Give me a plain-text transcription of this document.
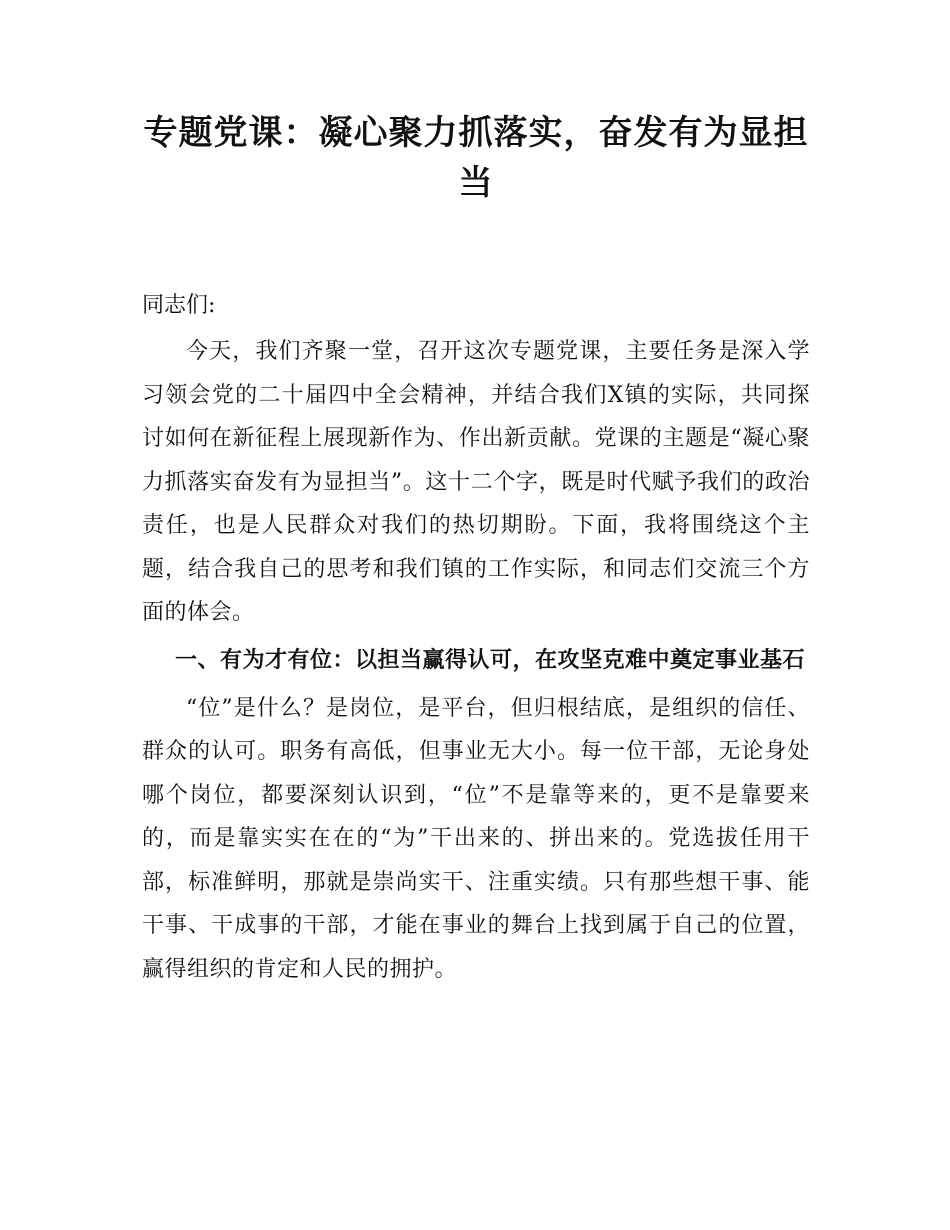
专题党课：凝心聚力抓落实，奋发有为显担当

同志们:

今天，我们齐聚一堂，召开这次专题党课，主要任务是深入学习领会党的二十届四中全会精神，并结合我们X镇的实际，共同探讨如何在新征程上展现新作为、作出新贡献。党课的主题是“凝心聚力抓落实奋发有为显担当”。这十二个字，既是时代赋予我们的政治责任，也是人民群众对我们的热切期盼。下面，我将围绕这个主题，结合我自己的思考和我们镇的工作实际，和同志们交流三个方面的体会。

一、有为才有位：以担当赢得认可，在攻坚克难中奠定事业基石

“位”是什么？是岗位，是平台，但归根结底，是组织的信任、群众的认可。职务有高低，但事业无大小。每一位干部，无论身处哪个岗位，都要深刻认识到，“位”不是靠等来的，更不是靠要来的，而是靠实实在在的“为”干出来的、拼出来的。党选拔任用干部，标准鲜明，那就是崇尚实干、注重实绩。只有那些想干事、能干事、干成事的干部，才能在事业的舞台上找到属于自己的位置，赢得组织的肯定和人民的拥护。
